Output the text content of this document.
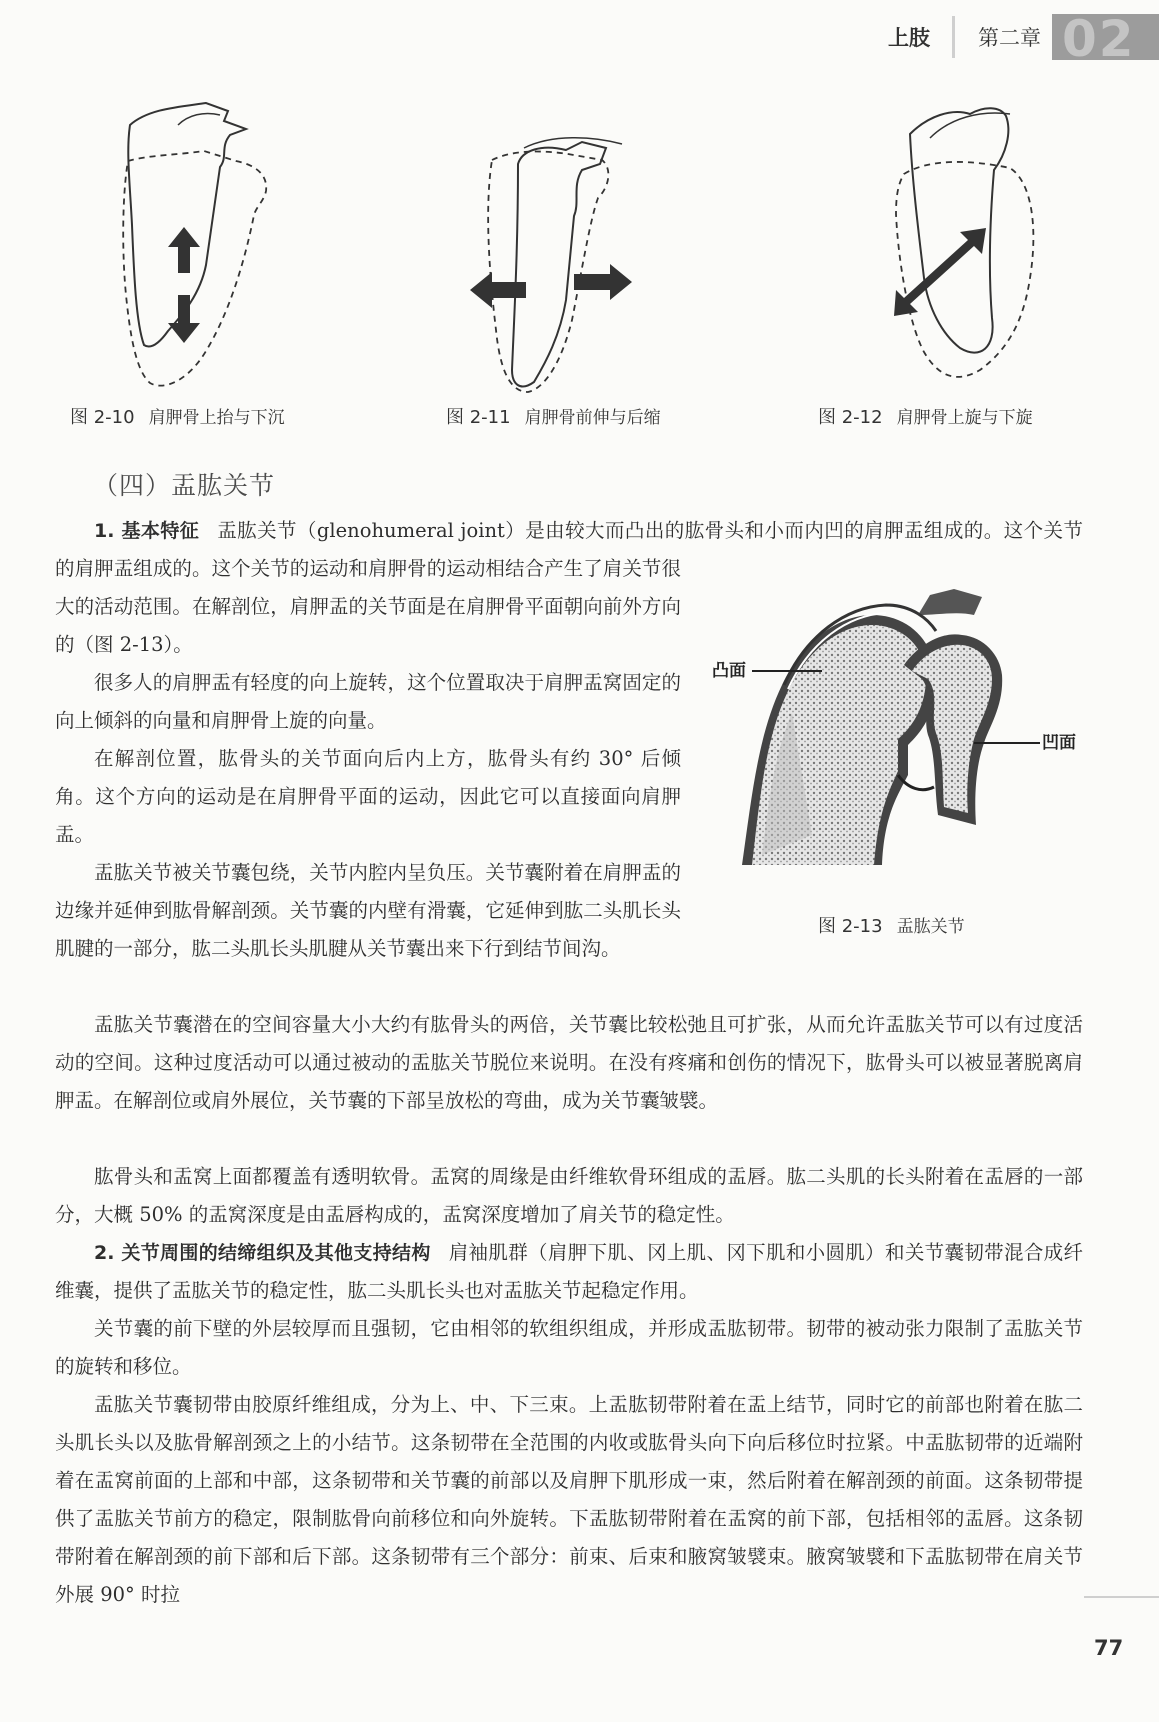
上肢 第二章 02
图 2-10 肩胛骨上抬与下沉	图 2-11 肩胛骨前伸与后缩	图 2-12 肩胛骨上旋与下旋
（四）盂肱关节

1. 基本特征 盂肱关节（glenohumeral joint）是由较大而凸出的肱骨头和小而内凹的肩胛盂组成的。这个关节

的肩胛盂组成的。这个关节的运动和肩胛骨的运动相结合产生了肩关节很大的活动范围。在解剖位，肩胛盂的关节面是在肩胛骨平面朝向前外方向的（图 2-13）。

凸面
凹面
图 2-13 盂肱关节

很多人的肩胛盂有轻度的向上旋转，这个位置取决于肩胛盂窝固定的向上倾斜的向量和肩胛骨上旋的向量。

在解剖位置，肱骨头的关节面向后内上方，肱骨头有约 30° 后倾角。这个方向的运动是在肩胛骨平面的运动，因此它可以直接面向肩胛盂。

盂肱关节被关节囊包绕，关节内腔内呈负压。关节囊附着在肩胛盂的边缘并延伸到肱骨解剖颈。关节囊的内壁有滑囊，它延伸到肱二头肌长头肌腱的一部分，肱二头肌长头肌腱从关节囊出来下行到结节间沟。

盂肱关节囊潜在的空间容量大小大约有肱骨头的两倍，关节囊比较松弛且可扩张，从而允许盂肱关节可以有过度活动的空间。这种过度活动可以通过被动的盂肱关节脱位来说明。在没有疼痛和创伤的情况下，肱骨头可以被显著脱离肩胛盂。在解剖位或肩外展位，关节囊的下部呈放松的弯曲，成为关节囊皱襞。

肱骨头和盂窝上面都覆盖有透明软骨。盂窝的周缘是由纤维软骨环组成的盂唇。肱二头肌的长头附着在盂唇的一部分，大概 50% 的盂窝深度是由盂唇构成的，盂窝深度增加了肩关节的稳定性。

2. 关节周围的结缔组织及其他支持结构 肩袖肌群（肩胛下肌、冈上肌、冈下肌和小圆肌）和关节囊韧带混合成纤维囊，提供了盂肱关节的稳定性，肱二头肌长头也对盂肱关节起稳定作用。

关节囊的前下壁的外层较厚而且强韧，它由相邻的软组织组成，并形成盂肱韧带。韧带的被动张力限制了盂肱关节的旋转和移位。

盂肱关节囊韧带由胶原纤维组成，分为上、中、下三束。上盂肱韧带附着在盂上结节，同时它的前部也附着在肱二头肌长头以及肱骨解剖颈之上的小结节。这条韧带在全范围的内收或肱骨头向下向后移位时拉紧。中盂肱韧带的近端附着在盂窝前面的上部和中部，这条韧带和关节囊的前部以及肩胛下肌形成一束，然后附着在解剖颈的前面。这条韧带提供了盂肱关节前方的稳定，限制肱骨向前移位和向外旋转。下盂肱韧带附着在盂窝的前下部，包括相邻的盂唇。这条韧带附着在解剖颈的前下部和后下部。这条韧带有三个部分：前束、后束和腋窝皱襞束。腋窝皱襞和下盂肱韧带在肩关节外展 90° 时拉

77
